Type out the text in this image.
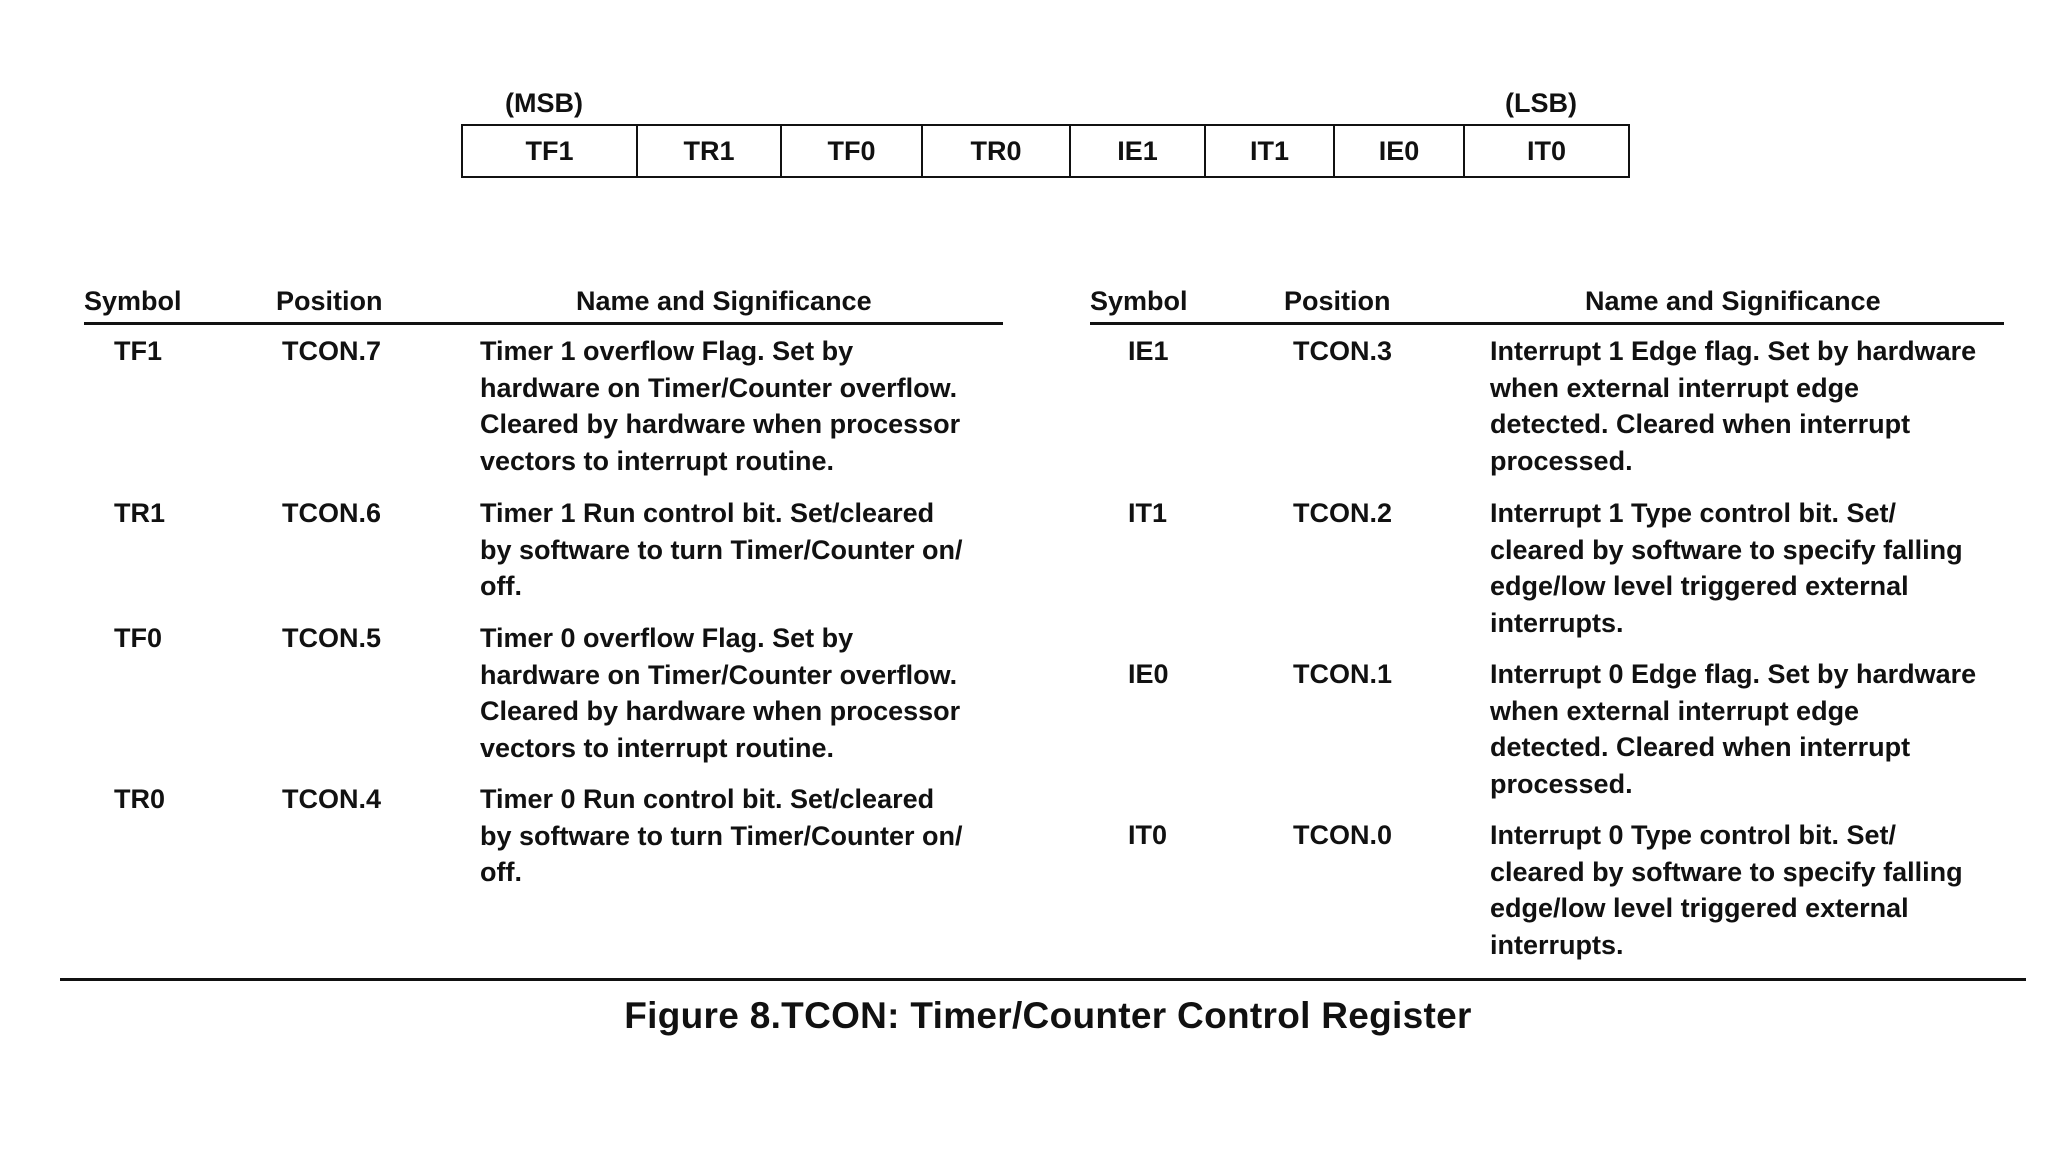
(MSB)	(LSB)
TF1	TR1	TF0	TR0	IE1	IT1	IE0	IT0
Symbol	Position	Name and Significance
TF1	TCON.7	Timer 1 overflow Flag. Set by
hardware on Timer/Counter overflow.
Cleared by hardware when processor
vectors to interrupt routine.
TR1	TCON.6	Timer 1 Run control bit. Set/cleared
by software to turn Timer/Counter on/
off.
TF0	TCON.5	Timer 0 overflow Flag. Set by
hardware on Timer/Counter overflow.
Cleared by hardware when processor
vectors to interrupt routine.
TR0	TCON.4	Timer 0 Run control bit. Set/cleared
by software to turn Timer/Counter on/
off.
Symbol	Position	Name and Significance
IE1	TCON.3	Interrupt 1 Edge flag. Set by hardware
when external interrupt edge
detected. Cleared when interrupt
processed.
IT1	TCON.2	Interrupt 1 Type control bit. Set/
cleared by software to specify falling
edge/low level triggered external
interrupts.
IE0	TCON.1	Interrupt 0 Edge flag. Set by hardware
when external interrupt edge
detected. Cleared when interrupt
processed.
IT0	TCON.0	Interrupt 0 Type control bit. Set/
cleared by software to specify falling
edge/low level triggered external
interrupts.
Figure 8.TCON: Timer/Counter Control Register
